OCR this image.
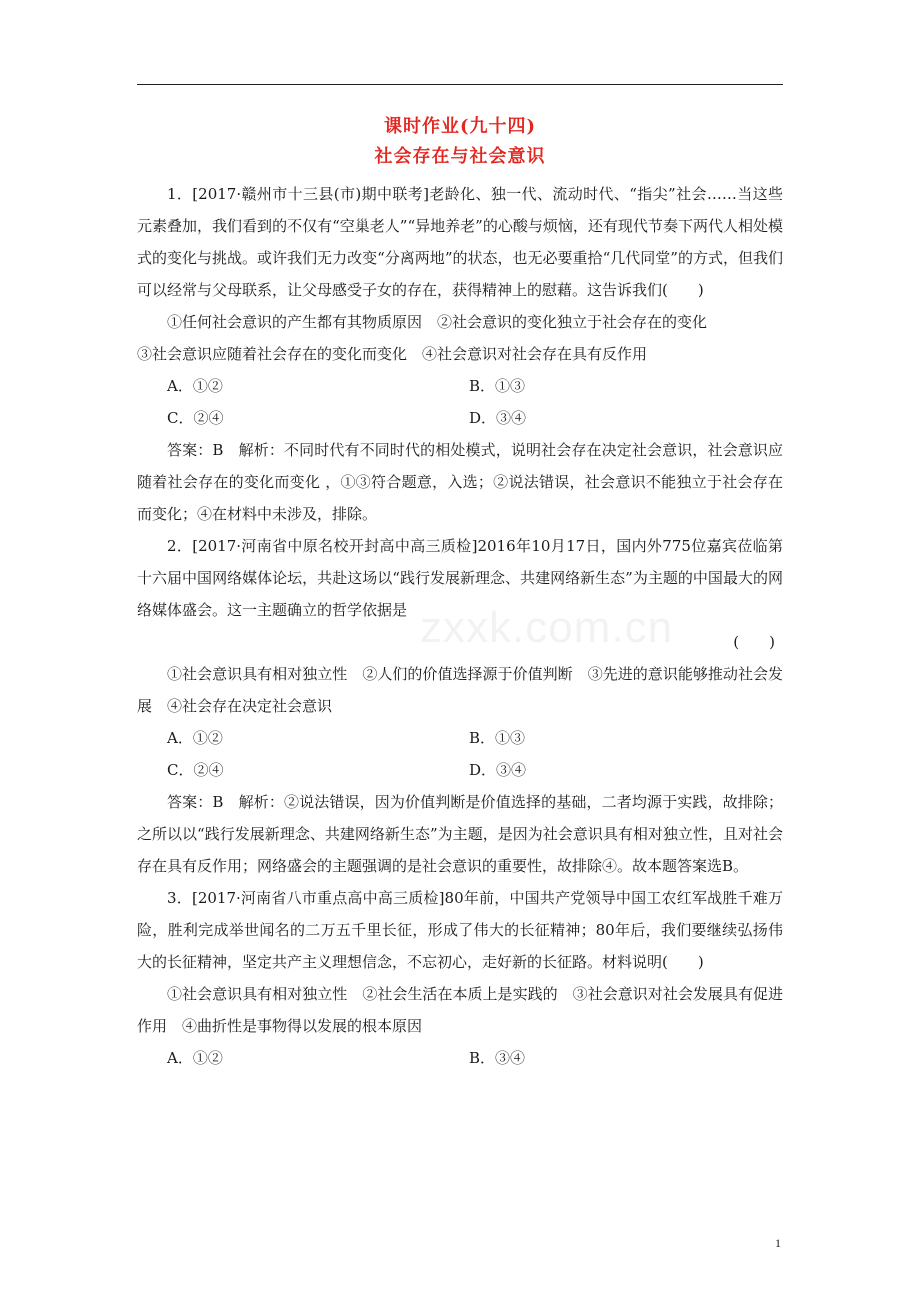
zxxk.com.cn
课时作业(九十四)
社会存在与社会意识

1．[2017·赣州市十三县(市)期中联考]老龄化、独一代、流动时代、“指尖”社会……当这些元素叠加，我们看到的不仅有“空巢老人”“异地养老”的心酸与烦恼，还有现代节奏下两代人相处模式的变化与挑战。或许我们无力改变“分离两地”的状态，也无必要重拾“几代同堂”的方式，但我们可以经常与父母联系，让父母感受子女的存在，获得精神上的慰藉。这告诉我们(　　)

①任何社会意识的产生都有其物质原因　②社会意识的变化独立于社会存在的变化

③社会意识应随着社会存在的变化而变化　④社会意识对社会存在具有反作用

A．①②	B．①③
C．②④	D．③④

答案：B　解析：不同时代有不同时代的相处模式，说明社会存在决定社会意识，社会意识应随着社会存在的变化而变化 ，①③符合题意，入选；②说法错误，社会意识不能独立于社会存在而变化；④在材料中未涉及，排除。

2．[2017·河南省中原名校开封高中高三质检]2016年10月17日，国内外775位嘉宾莅临第十六届中国网络媒体论坛，共赴这场以“践行发展新理念、共建网络新生态”为主题的中国最大的网络媒体盛会。这一主题确立的哲学依据是

(　　)

①社会意识具有相对独立性　②人们的价值选择源于价值判断　③先进的意识能够推动社会发展　④社会存在决定社会意识

A．①②	B．①③
C．②④	D．③④

答案：B　解析：②说法错误，因为价值判断是价值选择的基础，二者均源于实践，故排除；之所以以“践行发展新理念、共建网络新生态”为主题，是因为社会意识具有相对独立性，且对社会存在具有反作用；网络盛会的主题强调的是社会意识的重要性，故排除④。故本题答案选B。

3．[2017·河南省八市重点高中高三质检]80年前，中国共产党领导中国工农红军战胜千难万险，胜利完成举世闻名的二万五千里长征，形成了伟大的长征精神；80年后，我们要继续弘扬伟大的长征精神，坚定共产主义理想信念，不忘初心，走好新的长征路。材料说明(　　)

①社会意识具有相对独立性　②社会生活在本质上是实践的　③社会意识对社会发展具有促进作用　④曲折性是事物得以发展的根本原因

A．①②	B．③④
1
